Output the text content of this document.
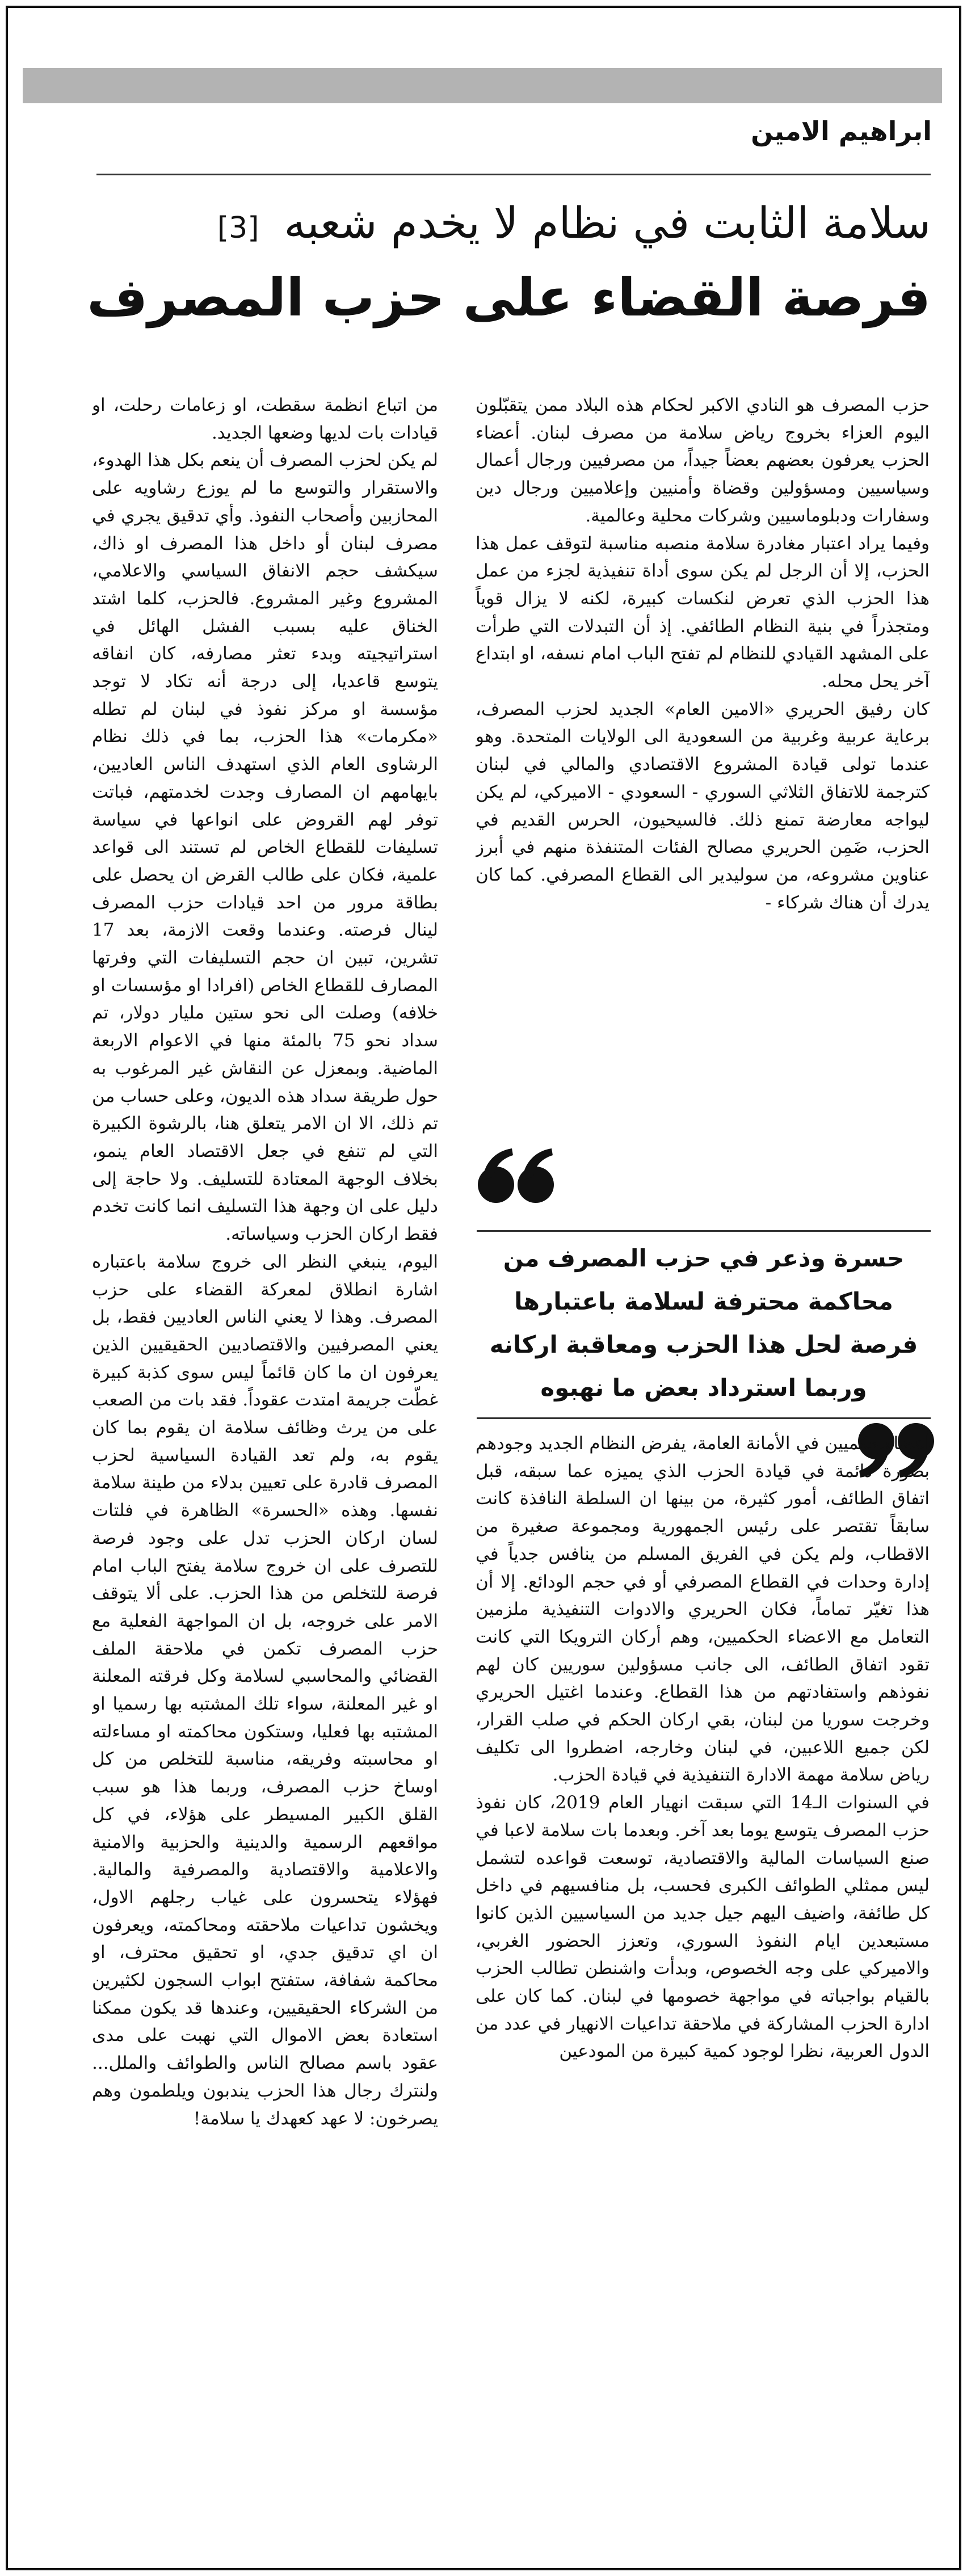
ابراهيم الامين
سلامة الثابت في نظام لا يخدم شعبه[3]
فرصة القضاء على حزب المصرف

حزب المصرف هو النادي الاكبر لحكام هذه البلاد ممن يتقبّلون اليوم العزاء بخروج رياض سلامة من مصرف لبنان. أعضاء الحزب يعرفون بعضهم بعضاً جيداً، من مصرفيين ورجال أعمال وسياسيين ومسؤولين وقضاة وأمنيين وإعلاميين ورجال دين وسفارات ودبلوماسيين وشركات محلية وعالمية.

وفيما يراد اعتبار مغادرة سلامة منصبه مناسبة لتوقف عمل هذا الحزب، إلا أن الرجل لم يكن سوى أداة تنفيذية لجزء من عمل هذا الحزب الذي تعرض لنكسات كبيرة، لكنه لا يزال قوياً ومتجذراً في بنية النظام الطائفي. إذ أن التبدلات التي طرأت على المشهد القيادي للنظام لم تفتح الباب امام نسفه، او ابتداع آخر يحل محله.

كان رفيق الحريري «الامين العام» الجديد لحزب المصرف، برعاية عربية وغربية من السعودية الى الولايات المتحدة. وهو عندما تولى قيادة المشروع الاقتصادي والمالي في لبنان كترجمة للاتفاق الثلاثي السوري - السعودي - الاميركي، لم يكن ليواجه معارضة تمنع ذلك. فالسيحيون، الحرس القديم في الحزب، ضَمِن الحريري مصالح الفئات المتنفذة منهم في أبرز عناوين مشروعه، من سوليدير الى القطاع المصرفي. كما كان يدرك أن هناك شركاء -

حسرة وذعر في حزب المصرف من محاكمة محترفة لسلامة باعتبارها فرصة لحل هذا الحزب ومعاقبة اركانه وربما استرداد بعض ما نهبوه

أعضاء حكميين في الأمانة العامة، يفرض النظام الجديد وجودهم بصورة دائمة في قيادة الحزب الذي يميزه عما سبقه، قبل اتفاق الطائف، أمور كثيرة، من بينها ان السلطة النافذة كانت سابقاً تقتصر على رئيس الجمهورية ومجموعة صغيرة من الاقطاب، ولم يكن في الفريق المسلم من ينافس جدياً في إدارة وحدات في القطاع المصرفي أو في حجم الودائع. إلا أن هذا تغيّر تماماً، فكان الحريري والادوات التنفيذية ملزمين التعامل مع الاعضاء الحكميين، وهم أركان الترويكا التي كانت تقود اتفاق الطائف، الى جانب مسؤولين سوريين كان لهم نفوذهم واستفادتهم من هذا القطاع. وعندما اغتيل الحريري وخرجت سوريا من لبنان، بقي اركان الحكم في صلب القرار، لكن جميع اللاعبين، في لبنان وخارجه، اضطروا الى تكليف رياض سلامة مهمة الادارة التنفيذية في قيادة الحزب.

في السنوات الـ14 التي سبقت انهيار العام 2019، كان نفوذ حزب المصرف يتوسع يوما بعد آخر. وبعدما بات سلامة لاعبا في صنع السياسات المالية والاقتصادية، توسعت قواعده لتشمل ليس ممثلي الطوائف الكبرى فحسب، بل منافسيهم في داخل كل طائفة، واضيف اليهم جيل جديد من السياسيين الذين كانوا مستبعدين ايام النفوذ السوري، وتعزز الحضور الغربي، والاميركي على وجه الخصوص، وبدأت واشنطن تطالب الحزب بالقيام بواجباته في مواجهة خصومها في لبنان. كما كان على ادارة الحزب المشاركة في ملاحقة تداعيات الانهيار في عدد من الدول العربية، نظرا لوجود كمية كبيرة من المودعين

من اتباع انظمة سقطت، او زعامات رحلت، او قيادات بات لديها وضعها الجديد.

لم يكن لحزب المصرف أن ينعم بكل هذا الهدوء، والاستقرار والتوسع ما لم يوزع رشاويه على المحازبين وأصحاب النفوذ. وأي تدقيق يجري في مصرف لبنان أو داخل هذا المصرف او ذاك، سيكشف حجم الانفاق السياسي والاعلامي، المشروع وغير المشروع. فالحزب، كلما اشتد الخناق عليه بسبب الفشل الهائل في استراتيجيته وبدء تعثر مصارفه، كان انفاقه يتوسع قاعديا، إلى درجة أنه تكاد لا توجد مؤسسة او مركز نفوذ في لبنان لم تطله «مكرمات» هذا الحزب، بما في ذلك نظام الرشاوى العام الذي استهدف الناس العاديين، بايهامهم ان المصارف وجدت لخدمتهم، فباتت توفر لهم القروض على انواعها في سياسة تسليفات للقطاع الخاص لم تستند الى قواعد علمية، فكان على طالب القرض ان يحصل على بطاقة مرور من احد قيادات حزب المصرف لينال فرصته. وعندما وقعت الازمة، بعد 17 تشرين، تبين ان حجم التسليفات التي وفرتها المصارف للقطاع الخاص (افرادا او مؤسسات او خلافه) وصلت الى نحو ستين مليار دولار، تم سداد نحو 75 بالمئة منها في الاعوام الاربعة الماضية. وبمعزل عن النقاش غير المرغوب به حول طريقة سداد هذه الديون، وعلى حساب من تم ذلك، الا ان الامر يتعلق هنا، بالرشوة الكبيرة التي لم تنفع في جعل الاقتصاد العام ينمو، بخلاف الوجهة المعتادة للتسليف. ولا حاجة إلى دليل على ان وجهة هذا التسليف انما كانت تخدم فقط اركان الحزب وسياساته.

اليوم، ينبغي النظر الى خروج سلامة باعتباره اشارة انطلاق لمعركة القضاء على حزب المصرف. وهذا لا يعني الناس العاديين فقط، بل يعني المصرفيين والاقتصاديين الحقيقيين الذين يعرفون ان ما كان قائماً ليس سوى كذبة كبيرة غطّت جريمة امتدت عقوداً. فقد بات من الصعب على من يرث وظائف سلامة ان يقوم بما كان يقوم به، ولم تعد القيادة السياسية لحزب المصرف قادرة على تعيين بدلاء من طينة سلامة نفسها. وهذه «الحسرة» الظاهرة في فلتات لسان اركان الحزب تدل على وجود فرصة للتصرف على ان خروج سلامة يفتح الباب امام فرصة للتخلص من هذا الحزب. على ألا يتوقف الامر على خروجه، بل ان المواجهة الفعلية مع حزب المصرف تكمن في ملاحقة الملف القضائي والمحاسبي لسلامة وكل فرقته المعلنة او غير المعلنة، سواء تلك المشتبه بها رسميا او المشتبه بها فعليا، وستكون محاكمته او مساءلته او محاسبته وفريقه، مناسبة للتخلص من كل اوساخ حزب المصرف، وربما هذا هو سبب القلق الكبير المسيطر على هؤلاء، في كل مواقعهم الرسمية والدينية والحزبية والامنية والاعلامية والاقتصادية والمصرفية والمالية. فهؤلاء يتحسرون على غياب رجلهم الاول، ويخشون تداعيات ملاحقته ومحاكمته، ويعرفون ان اي تدقيق جدي، او تحقيق محترف، او محاكمة شفافة، ستفتح ابواب السجون لكثيرين من الشركاء الحقيقيين، وعندها قد يكون ممكنا استعادة بعض الاموال التي نهبت على مدى عقود باسم مصالح الناس والطوائف والملل... ولنترك رجال هذا الحزب يندبون ويلطمون وهم يصرخون: لا عهد كعهدك يا سلامة!
